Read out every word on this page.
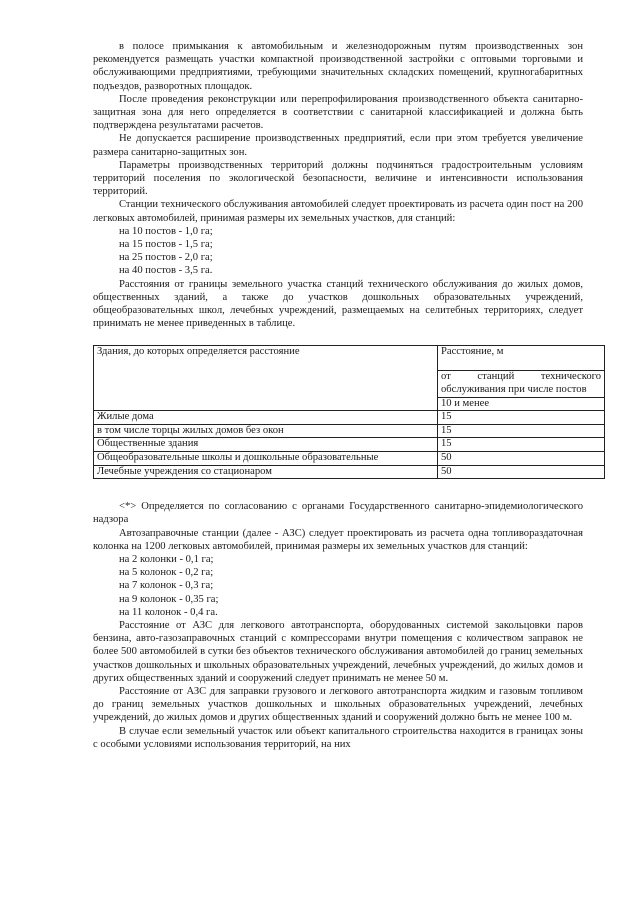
в полосе примыкания к автомобильным и железнодорожным путям производственных зон рекомендуется размещать участки компактной производственной застройки с оптовыми торговыми и обслуживающими предприятиями, требующими значительных складских помещений, крупногабаритных подъездов, разворотных площадок.

После проведения реконструкции или перепрофилирования производственного объекта санитарно-защитная зона для него определяется в соответствии с санитарной классификацией и должна быть подтверждена результатами расчетов.

Не допускается расширение производственных предприятий, если при этом требуется увеличение размера санитарно-защитных зон.

Параметры производственных территорий должны подчиняться градостроительным условиям территорий поселения по экологической безопасности, величине и интенсивности использования территорий.

Станции технического обслуживания автомобилей следует проектировать из расчета один пост на 200 легковых автомобилей, принимая размеры их земельных участков, для станций:

на 10 постов - 1,0 га;
на 15 постов - 1,5 га;
на 25 постов - 2,0 га;
на 40 постов - 3,5 га.

Расстояния от границы земельного участка станций технического обслуживания до жилых домов, общественных зданий, а также до участков дошкольных образовательных учреждений, общеобразовательных школ, лечебных учреждений, размещаемых на селитебных территориях, следует принимать не менее приведенных в таблице.

Здания, до которых определяется расстояние	Расстояние, м
	от станций технического обслуживания при числе постов
	10 и менее
Жилые дома	15
в том числе торцы жилых домов без окон	15
Общественные здания	15
Общеобразовательные школы и дошкольные образовательные	50
Лечебные учреждения со стационаром	50

<*> Определяется по согласованию с органами Государственного санитарно-эпидемиологического надзора

Автозаправочные станции (далее - АЗС) следует проектировать из расчета одна топливораздаточная колонка на 1200 легковых автомобилей, принимая размеры их земельных участков для станций:

на 2 колонки - 0,1 га;
на 5 колонок - 0,2 га;
на 7 колонок - 0,3 га;
на 9 колонок - 0,35 га;
на 11 колонок - 0,4 га.

Расстояние от АЗС для легкового автотранспорта, оборудованных системой закольцовки паров бензина, авто-газозаправочных станций с компрессорами внутри помещения с количеством заправок не более 500 автомобилей в сутки без объектов технического обслуживания автомобилей до границ земельных участков дошкольных и школьных образовательных учреждений, лечебных учреждений, до жилых домов и других общественных зданий и сооружений следует принимать не менее 50 м.

Расстояние от АЗС для заправки грузового и легкового автотранспорта жидким и газовым топливом до границ земельных участков дошкольных и школьных образовательных учреждений, лечебных учреждений, до жилых домов и других общественных зданий и сооружений должно быть не менее 100 м.

В случае если земельный участок или объект капитального строительства находится в границах зоны с особыми условиями использования территорий, на них
